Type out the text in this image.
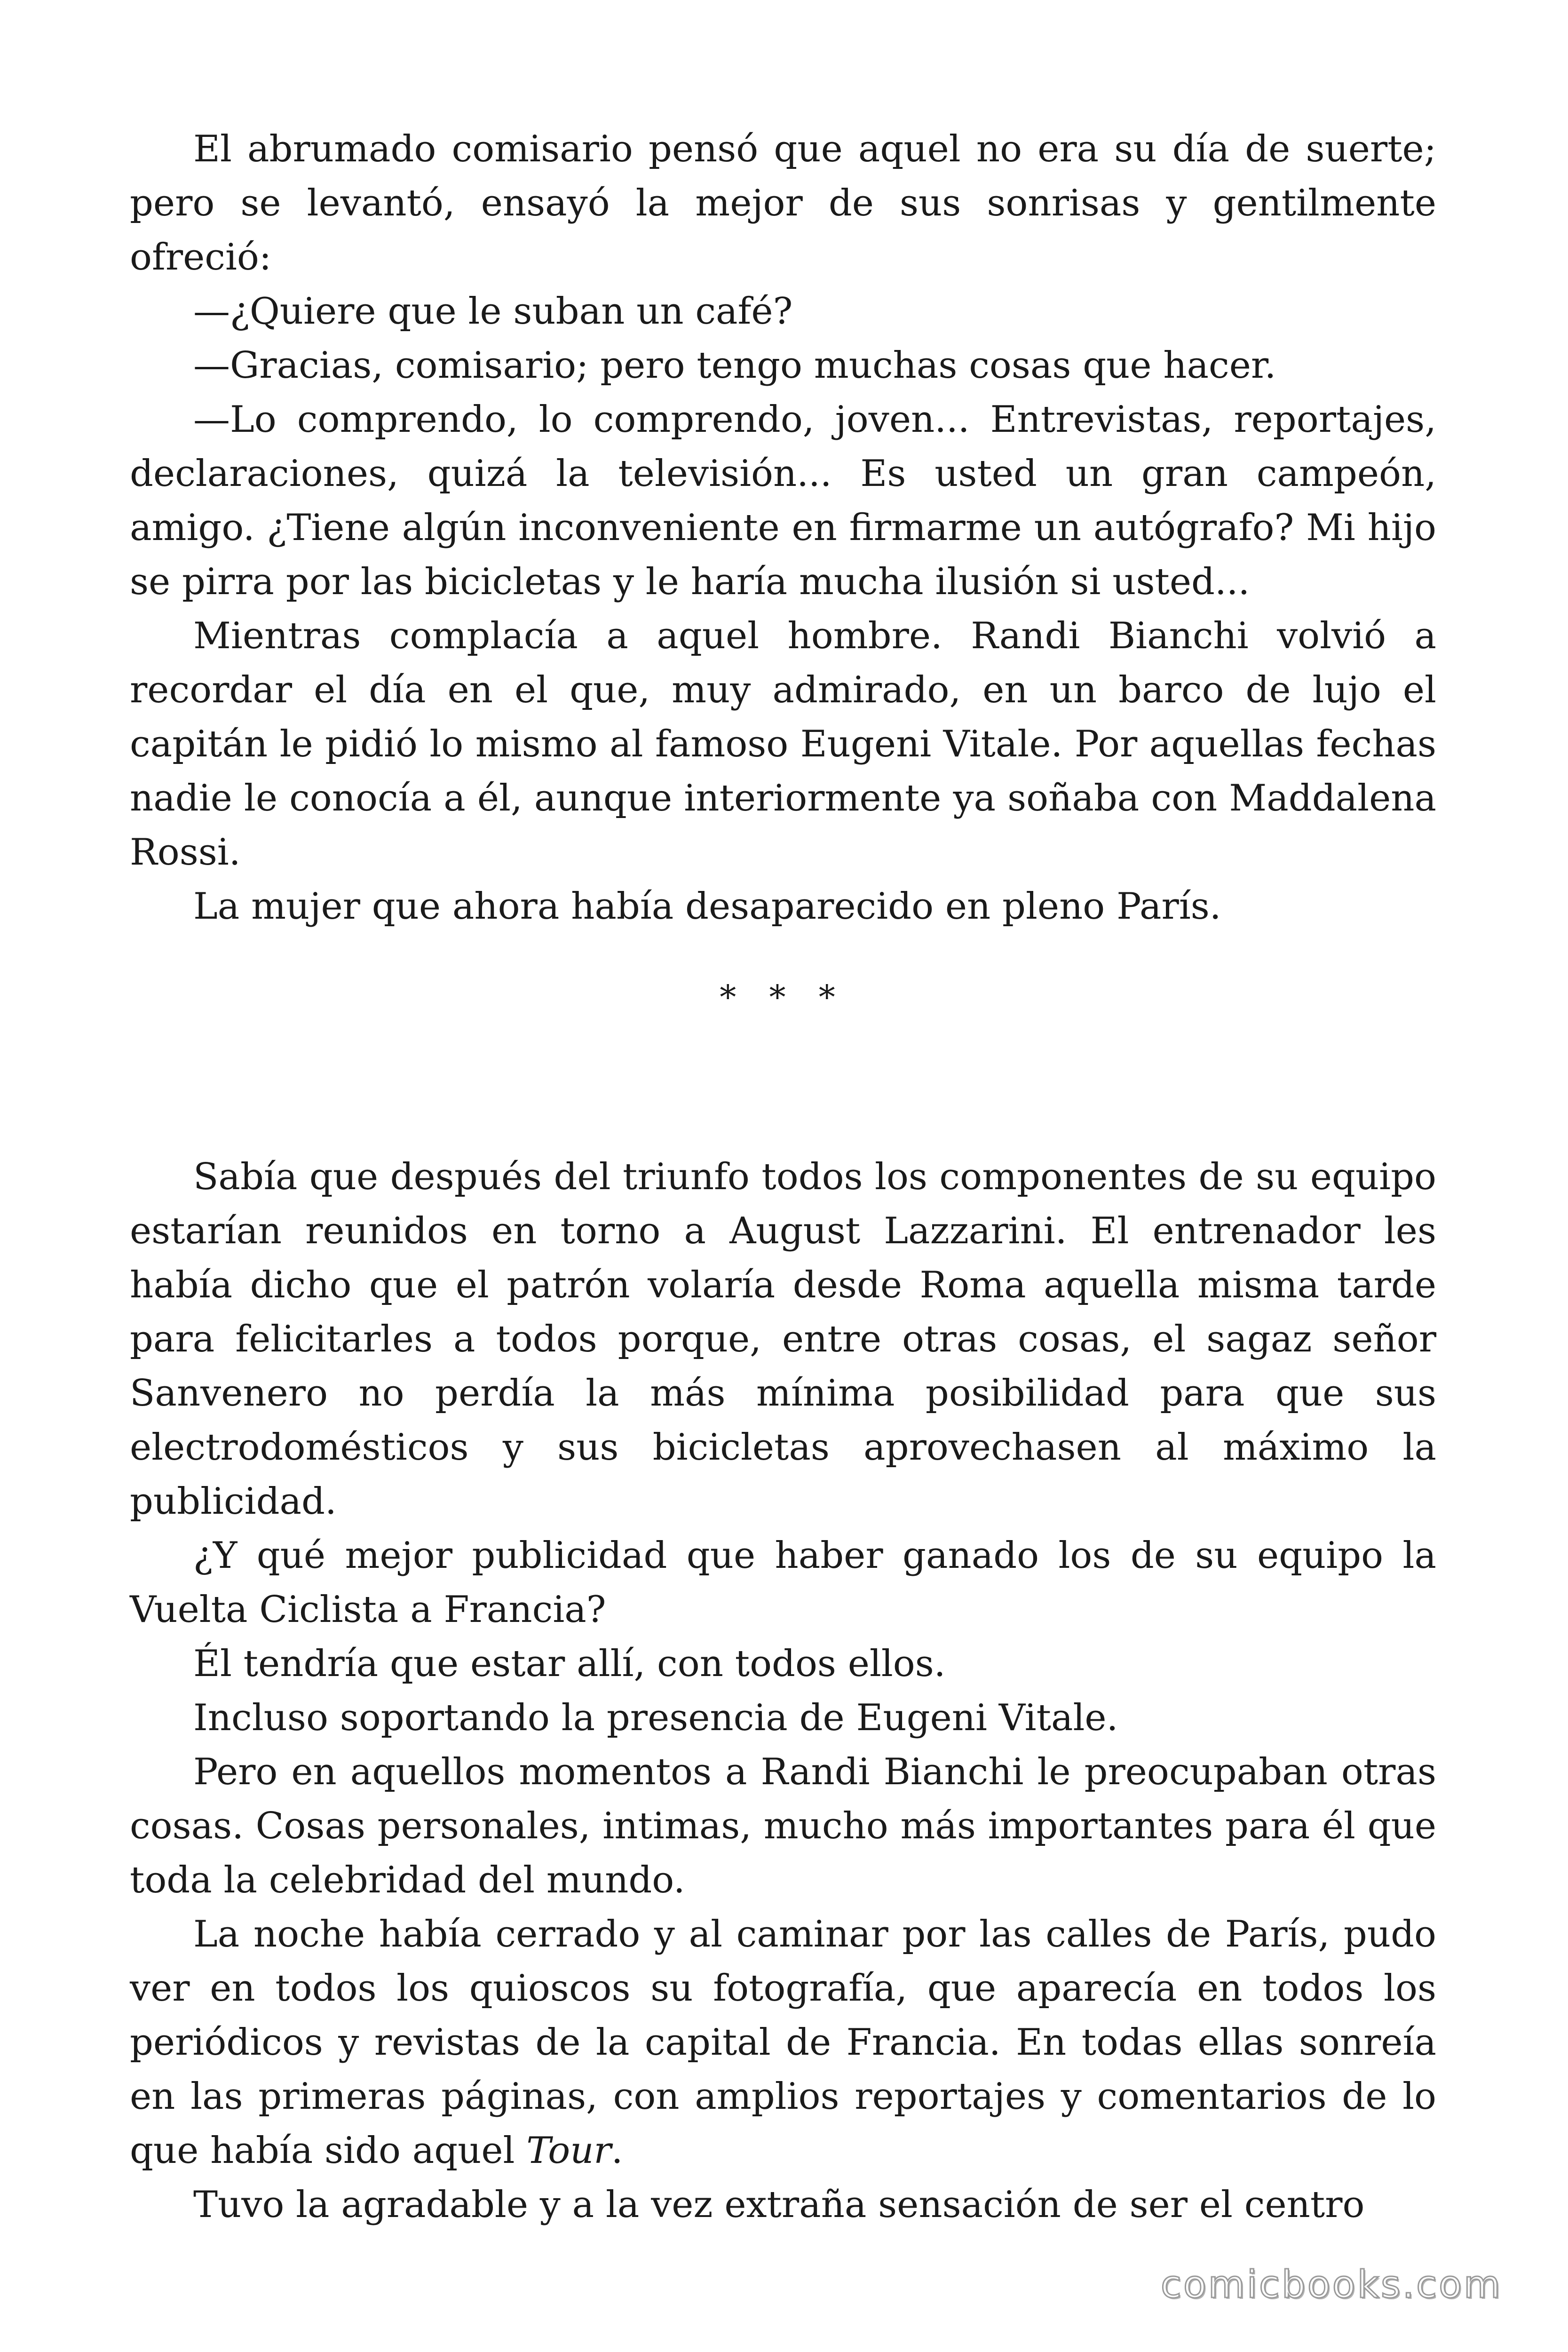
El abrumado comisario pensó que aquel no era su día de suerte; pero se levantó, ensayó la mejor de sus sonrisas y gentilmente ofreció:

—¿Quiere que le suban un café?

—Gracias, comisario; pero tengo muchas cosas que hacer.

—Lo comprendo, lo comprendo, joven... Entrevistas, reportajes, declaraciones, quizá la televisión... Es usted un gran campeón, amigo. ¿Tiene algún inconveniente en firmarme un autógrafo? Mi hijo se pirra por las bicicletas y le haría mucha ilusión si usted...

Mientras complacía a aquel hombre. Randi Bianchi volvió a recordar el día en el que, muy admirado, en un barco de lujo el capitán le pidió lo mismo al famoso Eugeni Vitale. Por aquellas fechas nadie le conocía a él, aunque interiormente ya soñaba con Maddalena Rossi.

La mujer que ahora había desaparecido en pleno París.

* * *

Sabía que después del triunfo todos los componentes de su equipo estarían reunidos en torno a August Lazzarini. El entrenador les había dicho que el patrón volaría desde Roma aquella misma tarde para felicitarles a todos porque, entre otras cosas, el sagaz señor Sanvenero no perdía la más mínima posibilidad para que sus electrodomésticos y sus bicicletas aprovechasen al máximo la publicidad.

¿Y qué mejor publicidad que haber ganado los de su equipo la Vuelta Ciclista a Francia?

Él tendría que estar allí, con todos ellos.

Incluso soportando la presencia de Eugeni Vitale.

Pero en aquellos momentos a Randi Bianchi le preocupaban otras cosas. Cosas personales, intimas, mucho más importantes para él que toda la celebridad del mundo.

La noche había cerrado y al caminar por las calles de París, pudo ver en todos los quioscos su fotografía, que aparecía en todos los periódicos y revistas de la capital de Francia. En todas ellas sonreía en las primeras páginas, con amplios reportajes y comentarios de lo que había sido aquel Tour.

Tuvo la agradable y a la vez extraña sensación de ser el centro

comicbooks.com
